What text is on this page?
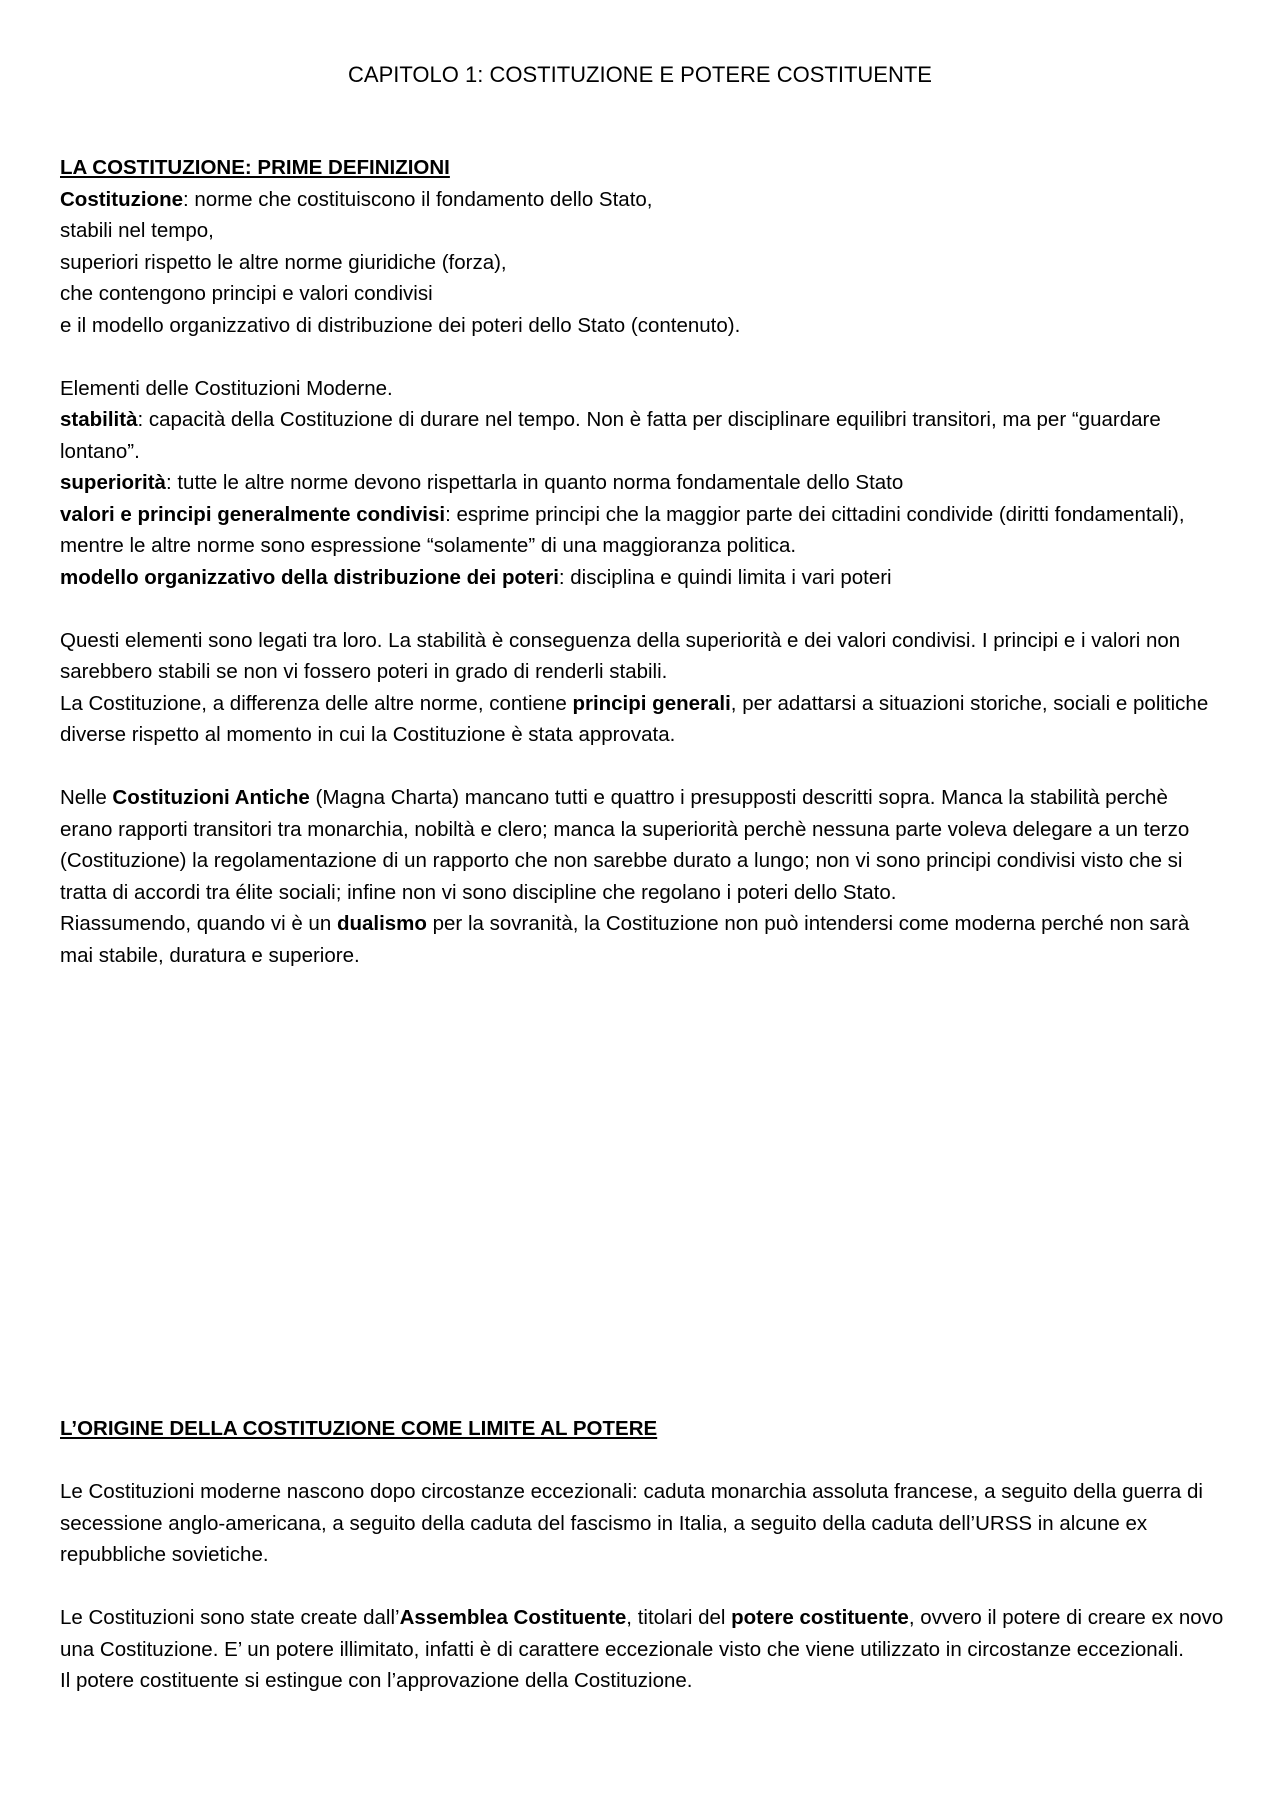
CAPITOLO 1: COSTITUZIONE E POTERE COSTITUENTE
LA COSTITUZIONE: PRIME DEFINIZIONI

Costituzione: norme che costituiscono il fondamento dello Stato,

stabili nel tempo,

superiori rispetto le altre norme giuridiche (forza),

che contengono principi e valori condivisi

e il modello organizzativo di distribuzione dei poteri dello Stato (contenuto).

Elementi delle Costituzioni Moderne.

stabilità: capacità della Costituzione di durare nel tempo. Non è fatta per disciplinare equilibri transitori, ma per “guardare lontano”.

superiorità: tutte le altre norme devono rispettarla in quanto norma fondamentale dello Stato

valori e principi generalmente condivisi: esprime principi che la maggior parte dei cittadini condivide (diritti fondamentali), mentre le altre norme sono espressione “solamente” di una maggioranza politica.

modello organizzativo della distribuzione dei poteri: disciplina e quindi limita i vari poteri

Questi elementi sono legati tra loro. La stabilità è conseguenza della superiorità e dei valori condivisi. I principi e i valori non sarebbero stabili se non vi fossero poteri in grado di renderli stabili.

La Costituzione, a differenza delle altre norme, contiene principi generali, per adattarsi a situazioni storiche, sociali e politiche diverse rispetto al momento in cui la Costituzione è stata approvata.

Nelle Costituzioni Antiche (Magna Charta) mancano tutti e quattro i presupposti descritti sopra. Manca la stabilità perchè erano rapporti transitori tra monarchia, nobiltà e clero; manca la superiorità perchè nessuna parte voleva delegare a un terzo (Costituzione) la regolamentazione di un rapporto che non sarebbe durato a lungo; non vi sono principi condivisi visto che si tratta di accordi tra élite sociali; infine non vi sono discipline che regolano i poteri dello Stato.

Riassumendo, quando vi è un dualismo per la sovranità, la Costituzione non può intendersi come moderna perché non sarà mai stabile, duratura e superiore.

L’ORIGINE DELLA COSTITUZIONE COME LIMITE AL POTERE

Le Costituzioni moderne nascono dopo circostanze eccezionali: caduta monarchia assoluta francese, a seguito della guerra di secessione anglo-americana, a seguito della caduta del fascismo in Italia, a seguito della caduta dell’URSS in alcune ex repubbliche sovietiche.

Le Costituzioni sono state create dall’Assemblea Costituente, titolari del potere costituente, ovvero il potere di creare ex novo una Costituzione. E’ un potere illimitato, infatti è di carattere eccezionale visto che viene utilizzato in circostanze eccezionali.

Il potere costituente si estingue con l’approvazione della Costituzione.
